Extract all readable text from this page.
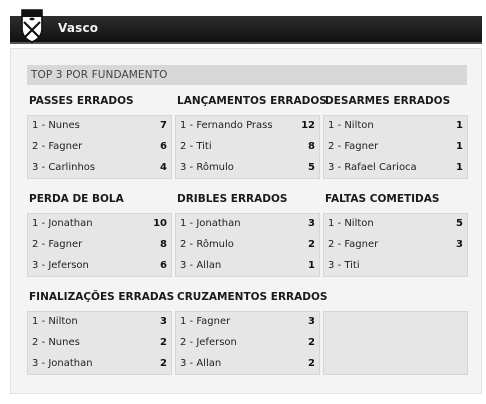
Vasco
TOP 3 POR FUNDAMENTO
PASSES ERRADOS
1 - Nunes	7
2 - Fagner	6
3 - Carlinhos	4
LANÇAMENTOS ERRADOS
1 - Fernando Prass	12
2 - Titi	8
3 - Rômulo	5
DESARMES ERRADOS
1 - Nilton	1
2 - Fagner	1
3 - Rafael Carioca	1
PERDA DE BOLA
1 - Jonathan	10
2 - Fagner	8
3 - Jeferson	6
DRIBLES ERRADOS
1 - Jonathan	3
2 - Rômulo	2
3 - Allan	1
FALTAS COMETIDAS
1 - Nilton	5
2 - Fagner	3
3 - Titi
FINALIZAÇÕES ERRADAS
1 - Nilton	3
2 - Nunes	2
3 - Jonathan	2
CRUZAMENTOS ERRADOS
1 - Fagner	3
2 - Jeferson	2
3 - Allan	2
